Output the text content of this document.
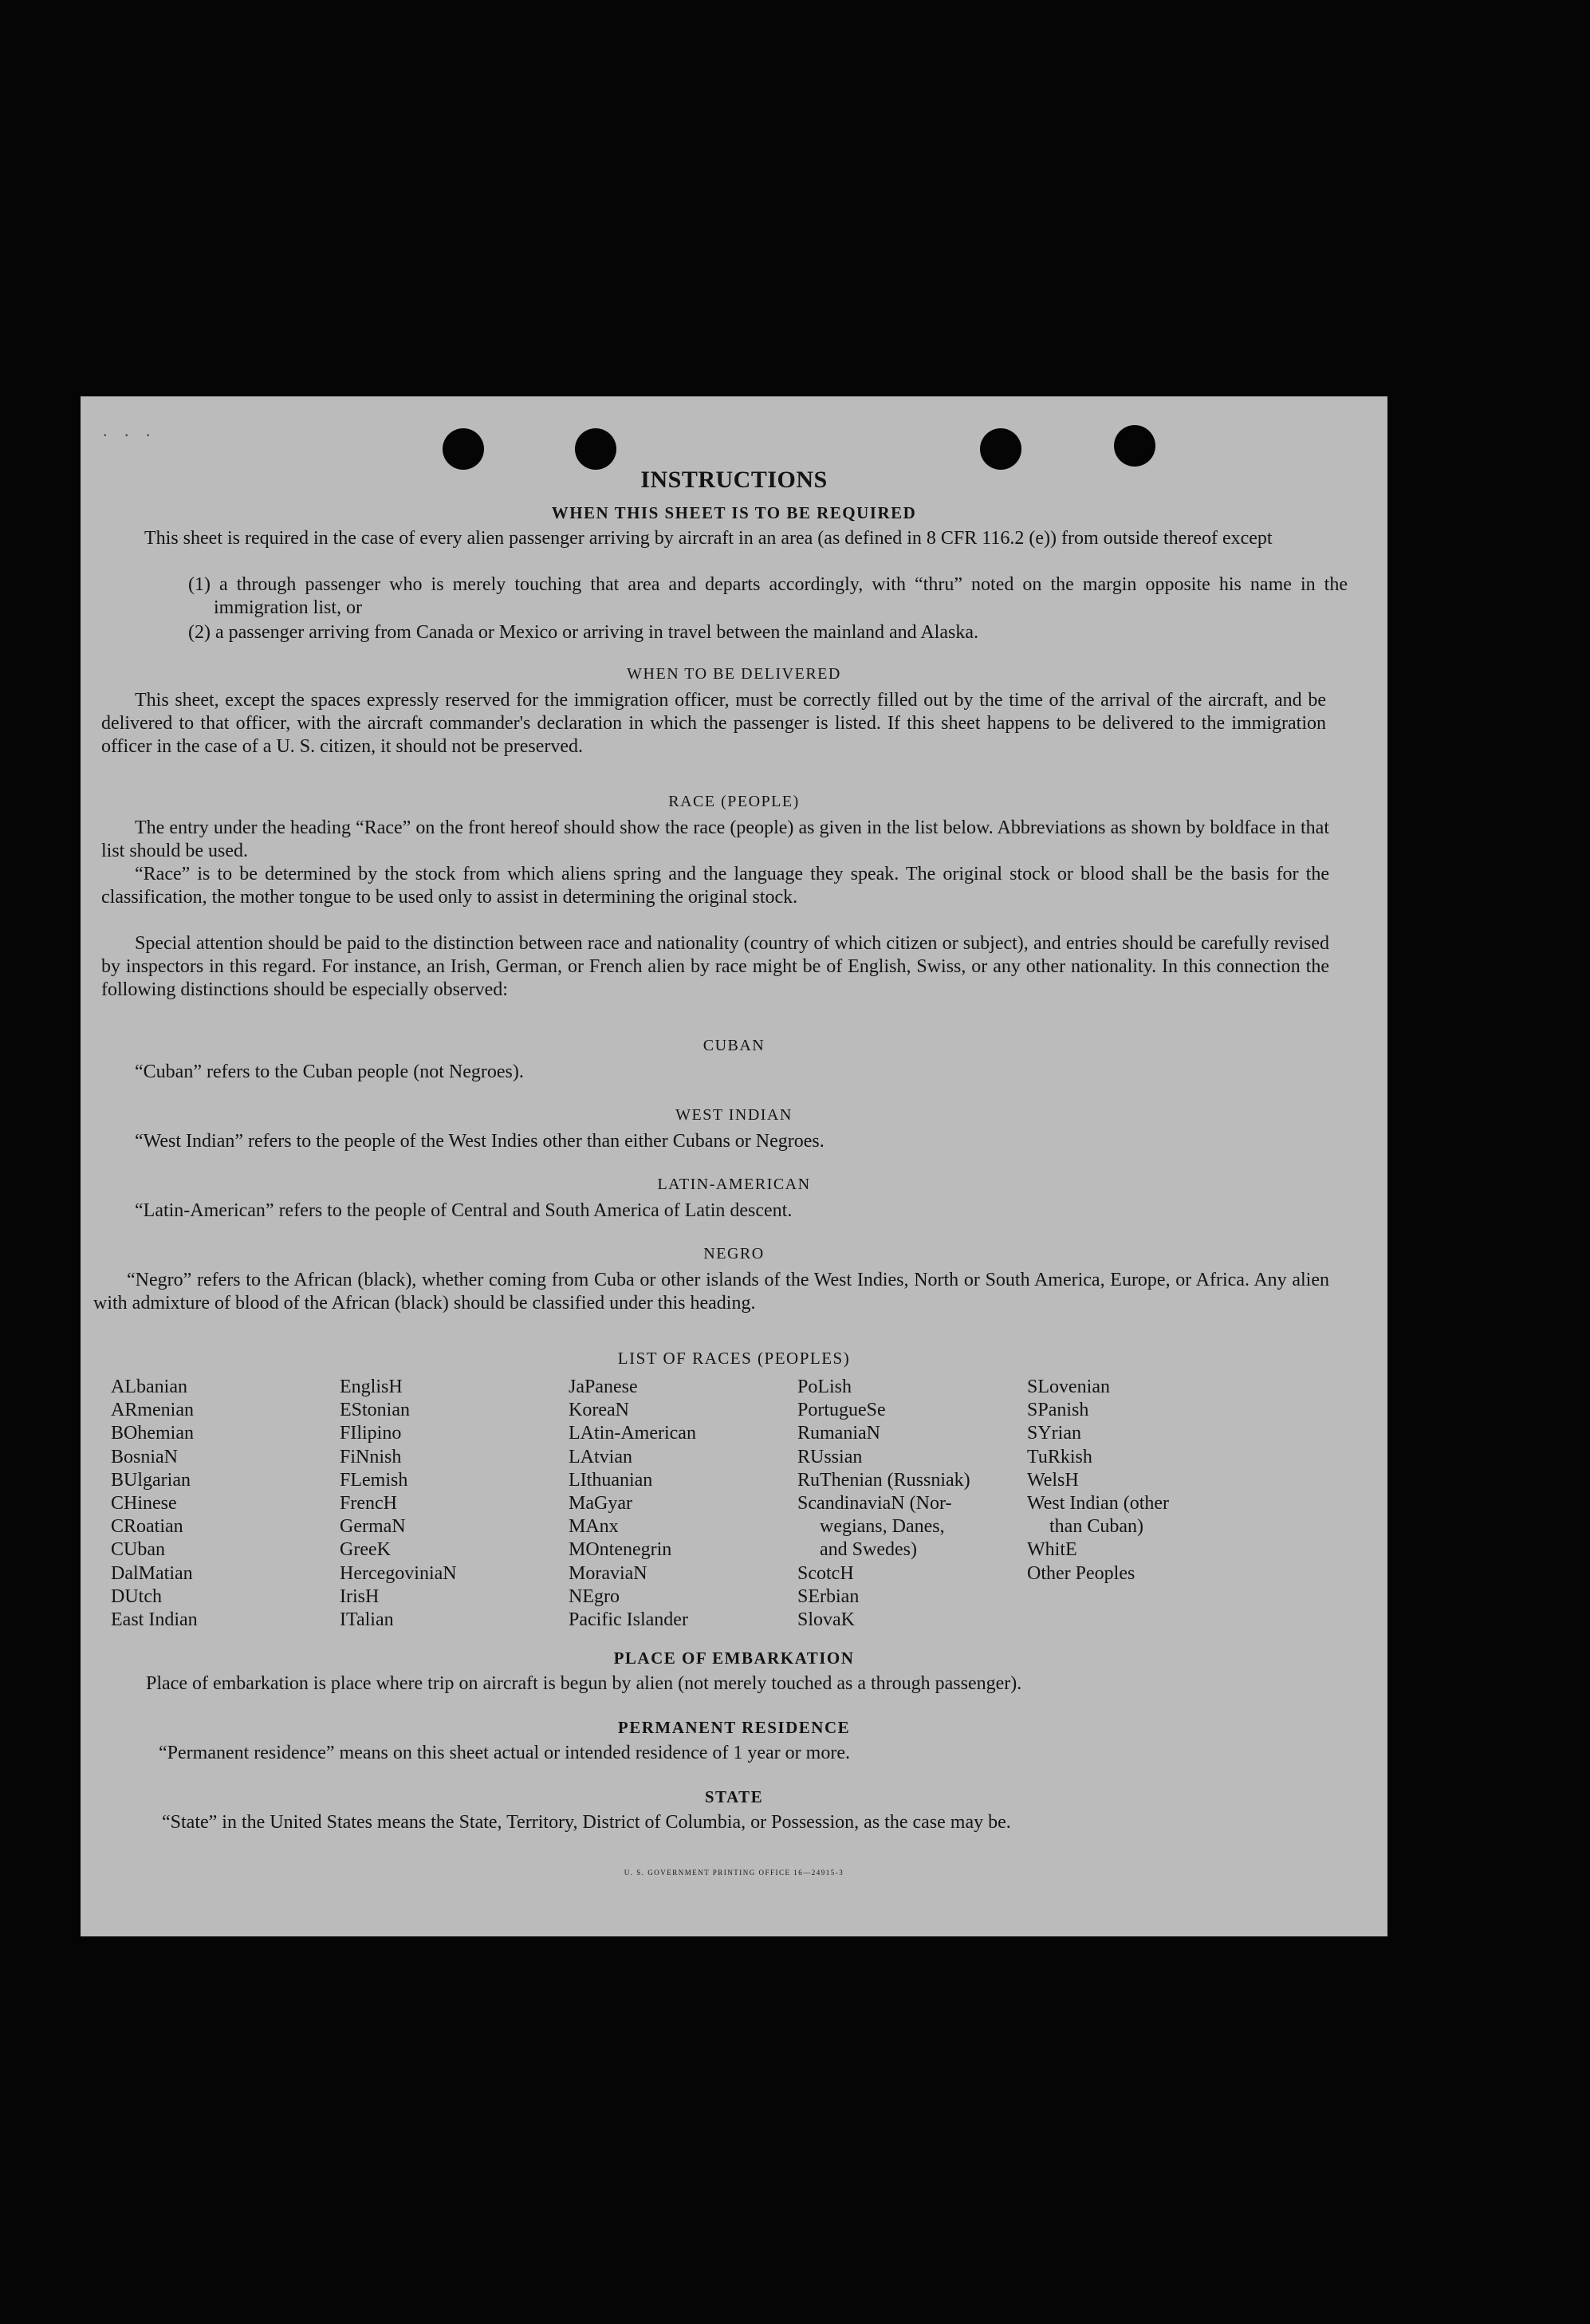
. . .
INSTRUCTIONS
WHEN THIS SHEET IS TO BE REQUIRED
This sheet is required in the case of every alien passenger arriving by aircraft in an area (as defined in 8 CFR 116.2 (e)) from outside thereof except
(1) a through passenger who is merely touching that area and departs accordingly, with “thru” noted on the margin opposite his name in the immigration list, or
(2) a passenger arriving from Canada or Mexico or arriving in travel between the mainland and Alaska.
WHEN TO BE DELIVERED
This sheet, except the spaces expressly reserved for the immigration officer, must be correctly filled out by the time of the arrival of the aircraft, and be delivered to that officer, with the aircraft commander's declaration in which the passenger is listed. If this sheet happens to be delivered to the immigration officer in the case of a U. S. citizen, it should not be preserved.
RACE (PEOPLE)
The entry under the heading “Race” on the front hereof should show the race (people) as given in the list below. Abbreviations as shown by boldface in that list should be used.
“Race” is to be determined by the stock from which aliens spring and the language they speak. The original stock or blood shall be the basis for the classification, the mother tongue to be used only to assist in determining the original stock.
Special attention should be paid to the distinction between race and nationality (country of which citizen or subject), and entries should be carefully revised by inspectors in this regard. For instance, an Irish, German, or French alien by race might be of English, Swiss, or any other nationality. In this connection the following distinctions should be especially observed:
CUBAN
“Cuban” refers to the Cuban people (not Negroes).
WEST INDIAN
“West Indian” refers to the people of the West Indies other than either Cubans or Negroes.
LATIN-AMERICAN
“Latin-American” refers to the people of Central and South America of Latin descent.
NEGRO
“Negro” refers to the African (black), whether coming from Cuba or other islands of the West Indies, North or South America, Europe, or Africa. Any alien with admixture of blood of the African (black) should be classified under this heading.
LIST OF RACES (PEOPLES)
ALbanian
ARmenian
BOhemian
BosniaN
BUlgarian
CHinese
CRoatian
CUban
DalMatian
DUtch
East Indian
EnglisH
EStonian
FIlipino
FiNnish
FLemish
FrencH
GermaN
GreeK
HercegoviniaN
IrisH
ITalian
JaPanese
KoreaN
LAtin-American
LAtvian
LIthuanian
MaGyar
MAnx
MOntenegrin
MoraviaN
NEgro
Pacific Islander
PoLish
PortugueSe
RumaniaN
RUssian
RuThenian (Russniak)
ScandinaviaN (Nor-
wegians, Danes,
and Swedes)
ScotcH
SErbian
SlovaK
SLovenian
SPanish
SYrian
TuRkish
WelsH
West Indian (other
than Cuban)
WhitE
Other Peoples
PLACE OF EMBARKATION
Place of embarkation is place where trip on aircraft is begun by alien (not merely touched as a through passenger).
PERMANENT RESIDENCE
“Permanent residence” means on this sheet actual or intended residence of 1 year or more.
STATE
“State” in the United States means the State, Territory, District of Columbia, or Possession, as the case may be.
U. S. GOVERNMENT PRINTING OFFICE 16—24915-3
